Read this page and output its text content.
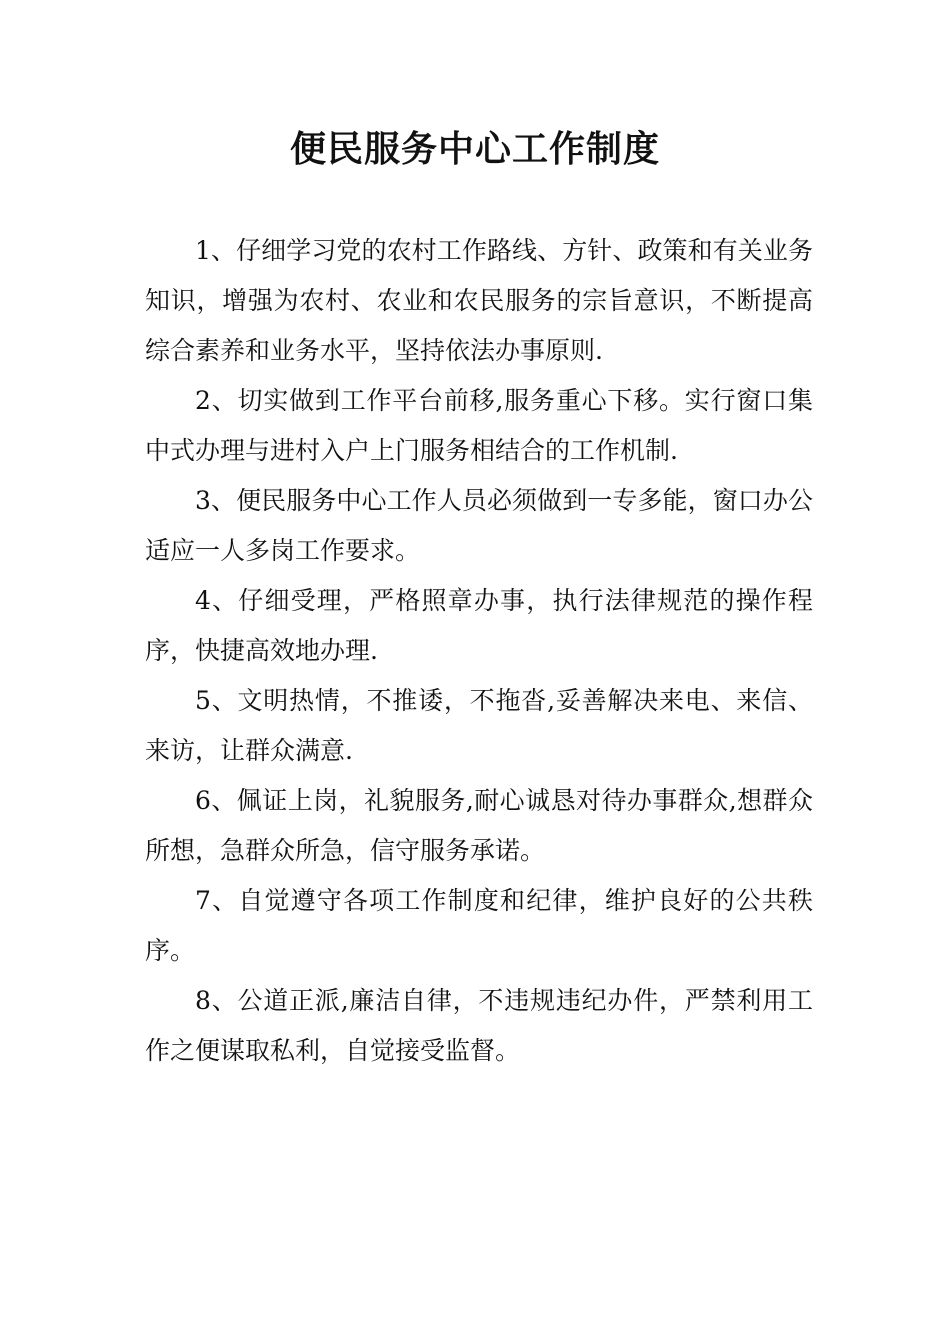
便民服务中心工作制度

1、仔细学习党的农村工作路线、方针、政策和有关业务知识，增强为农村、农业和农民服务的宗旨意识，不断提高综合素养和业务水平，坚持依法办事原则.

2、切实做到工作平台前移,服务重心下移。实行窗口集中式办理与进村入户上门服务相结合的工作机制.

3、便民服务中心工作人员必须做到一专多能，窗口办公适应一人多岗工作要求。

4、仔细受理，严格照章办事，执行法律规范的操作程序，快捷高效地办理.

5、文明热情，不推诿，不拖沓,妥善解决来电、来信、来访，让群众满意.

6、佩证上岗，礼貌服务,耐心诚恳对待办事群众,想群众所想，急群众所急，信守服务承诺。

7、自觉遵守各项工作制度和纪律，维护良好的公共秩序。

8、公道正派,廉洁自律，不违规违纪办件，严禁利用工作之便谋取私利，自觉接受监督。
